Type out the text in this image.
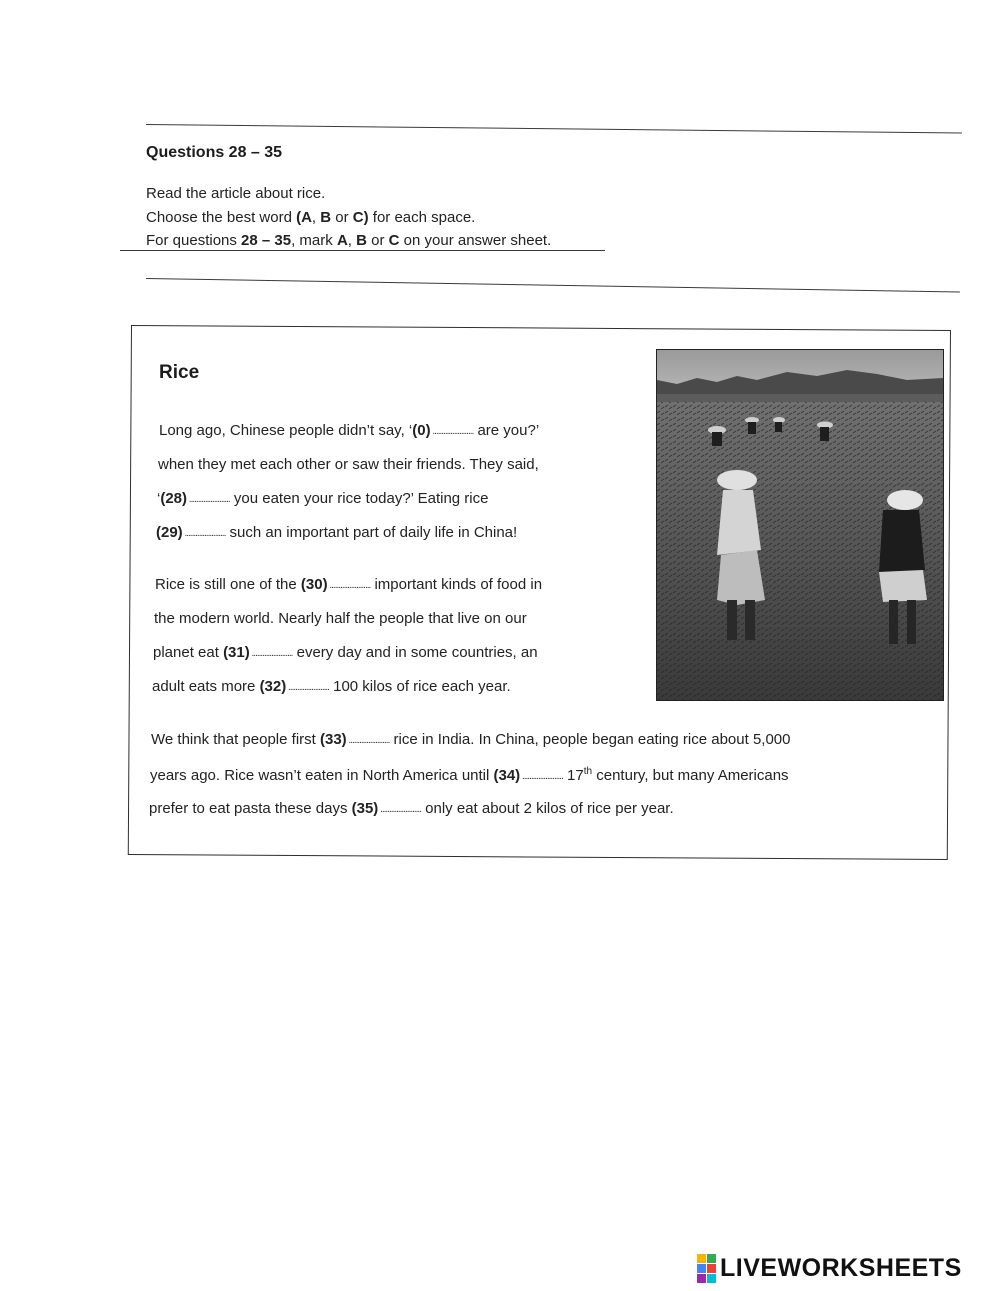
Questions 28 – 35
Read the article about rice.
Choose the best word (A, B or C) for each space.
For questions 28 – 35, mark A, B or C on your answer sheet.
Rice
Long ago, Chinese people didn’t say, ‘(0) ....................... are you?’
when they met each other or saw their friends. They said,
‘(28) ....................... you eaten your rice today?’ Eating rice
(29) ....................... such an important part of daily life in China!
Rice is still one of the (30) ....................... important kinds of food in
the modern world. Nearly half the people that live on our
planet eat (31) ....................... every day and in some countries, an
adult eats more (32) ....................... 100 kilos of rice each year.
We think that people first (33) ....................... rice in India. In China, people began eating rice about 5,000
years ago. Rice wasn’t eaten in North America until (34) ....................... 17th century, but many Americans
prefer to eat pasta these days (35) ....................... only eat about 2 kilos of rice per year.
LIVEWORKSHEETS
